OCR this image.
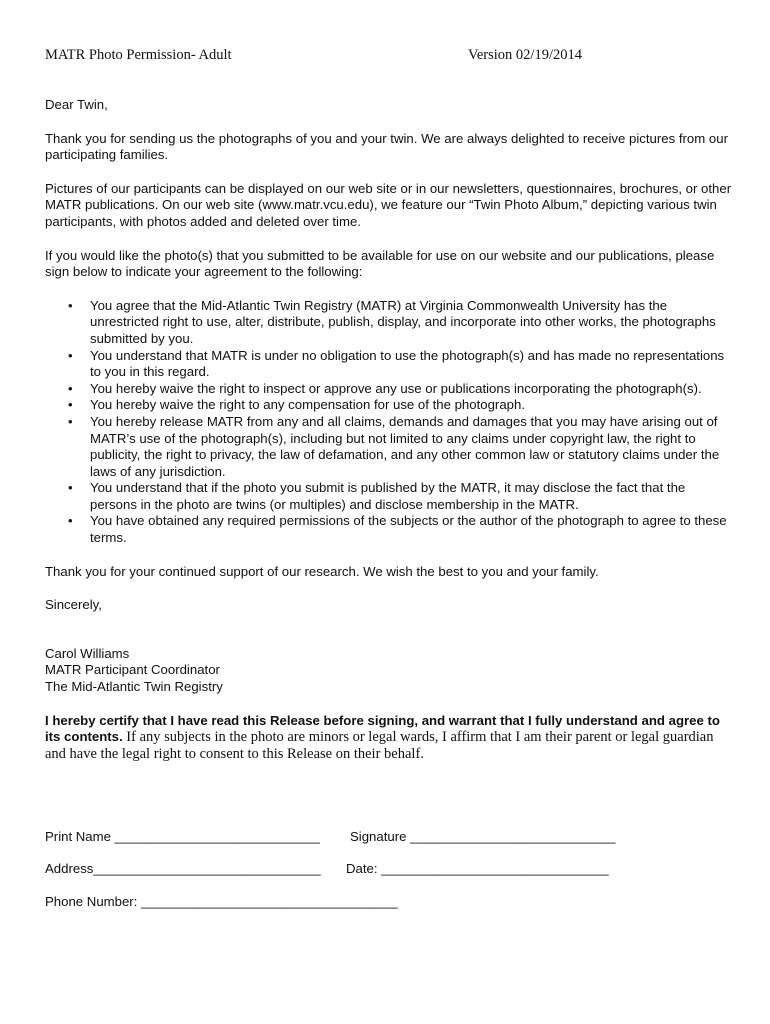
MATR Photo Permission- Adult	Version 02/19/2014

Dear Twin,

Thank you for sending us the photographs of you and your twin. We are always delighted to receive pictures from our participating families.

Pictures of our participants can be displayed on our web site or in our newsletters, questionnaires, brochures, or other MATR publications. On our web site (www.matr.vcu.edu), we feature our “Twin Photo Album,” depicting various twin participants, with photos added and deleted over time.

If you would like the photo(s) that you submitted to be available for use on our website and our publications, please sign below to indicate your agreement to the following:

• You agree that the Mid-Atlantic Twin Registry (MATR) at Virginia Commonwealth University has the unrestricted right to use, alter, distribute, publish, display, and incorporate into other works, the photographs submitted by you.
• You understand that MATR is under no obligation to use the photograph(s) and has made no representations to you in this regard.
• You hereby waive the right to inspect or approve any use or publications incorporating the photograph(s).
• You hereby waive the right to any compensation for use of the photograph.
• You hereby release MATR from any and all claims, demands and damages that you may have arising out of MATR’s use of the photograph(s), including but not limited to any claims under copyright law, the right to publicity, the right to privacy, the law of defamation, and any other common law or statutory claims under the laws of any jurisdiction.
• You understand that if the photo you submit is published by the MATR, it may disclose the fact that the persons in the photo are twins (or multiples) and disclose membership in the MATR.
• You have obtained any required permissions of the subjects or the author of the photograph to agree to these terms.

Thank you for your continued support of our research. We wish the best to you and your family.

Sincerely,

Carol Williams

MATR Participant Coordinator

The Mid-Atlantic Twin Registry

I hereby certify that I have read this Release before signing, and warrant that I fully understand and agree to its contents. If any subjects in the photo are minors or legal wards, I affirm that I am their parent or legal guardian and have the legal right to consent to this Release on their behalf.

Print Name ____________________________ Signature ____________________________
Address_______________________________ Date: _______________________________
Phone Number: ___________________________________
